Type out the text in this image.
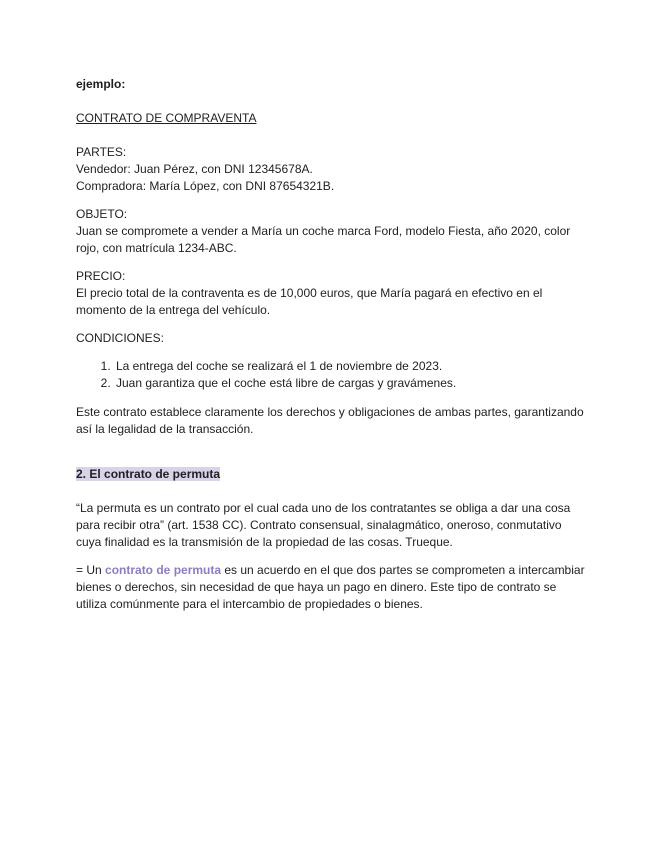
ejemplo:

CONTRATO DE COMPRAVENTA

PARTES:
Vendedor: Juan Pérez, con DNI 12345678A.
Compradora: María López, con DNI 87654321B.
OBJETO:
Juan se compromete a vender a María un coche marca Ford, modelo Fiesta, año 2020, color rojo, con matrícula 1234-ABC.
PRECIO:
El precio total de la contraventa es de 10,000 euros, que María pagará en efectivo en el momento de la entrega del vehículo.

CONDICIONES:

1. La entrega del coche se realizará el 1 de noviembre de 2023.
2. Juan garantiza que el coche está libre de cargas y gravámenes.

Este contrato establece claramente los derechos y obligaciones de ambas partes, garantizando así la legalidad de la transacción.

2. El contrato de permuta

“La permuta es un contrato por el cual cada uno de los contratantes se obliga a dar una cosa para recibir otra” (art. 1538 CC). Contrato consensual, sinalagmático, oneroso, conmutativo cuya finalidad es la transmisión de la propiedad de las cosas. Trueque.

= Un contrato de permuta es un acuerdo en el que dos partes se comprometen a intercambiar bienes o derechos, sin necesidad de que haya un pago en dinero. Este tipo de contrato se utiliza comúnmente para el intercambio de propiedades o bienes.
